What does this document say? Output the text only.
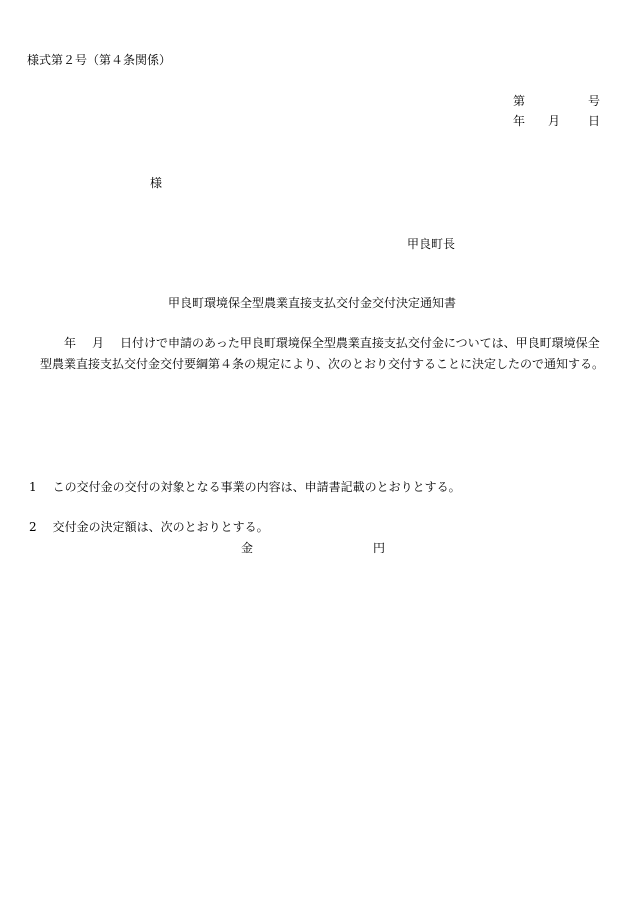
様式第２号（第４条関係）
第	号
年 月 日
様
甲良町長
甲良町環境保全型農業直接支払交付金交付決定通知書
年 月 日付けで申請のあった甲良町環境保全型農業直接支払交付金については、甲良町環境保全
型農業直接支払交付金交付要綱第４条の規定により、次のとおり交付することに決定したので通知する。
1 この交付金の交付の対象となる事業の内容は、申請書記載のとおりとする。
2 交付金の決定額は、次のとおりとする。
金	円
